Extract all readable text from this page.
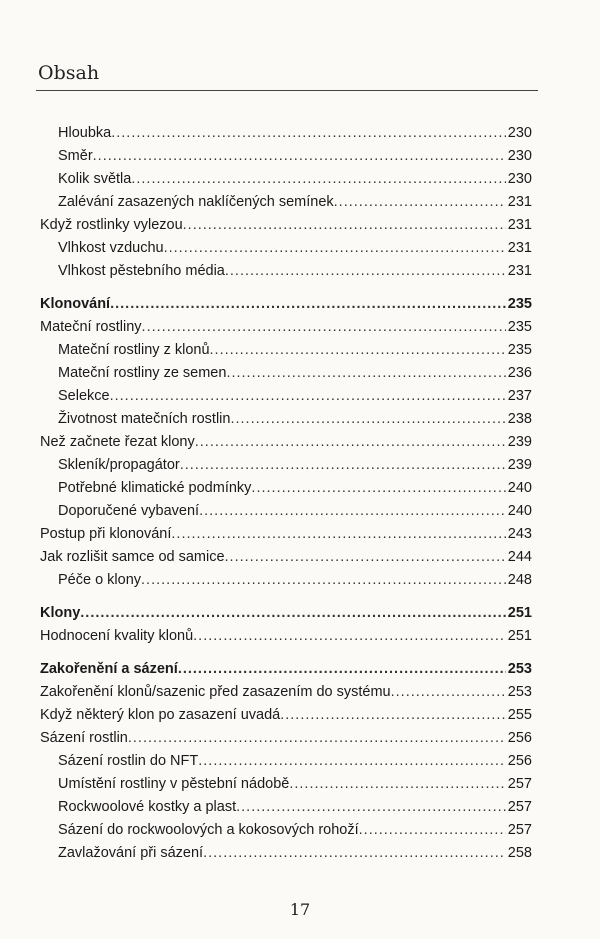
Obsah
Hloubka .....	230
Směr .....	230
Kolik světla .....	230
Zalévání zasazených naklíčených semínek .....	231
Když rostlinky vylezou .....	231
Vlhkost vzduchu .....	231
Vlhkost pěstebního média .....	231
Klonování .....	235
Mateční rostliny .....	235
Mateční rostliny z klonů .....	235
Mateční rostliny ze semen .....	236
Selekce .....	237
Životnost matečních rostlin .....	238
Než začnete řezat klony .....	239
Skleník/propagátor .....	239
Potřebné klimatické podmínky .....	240
Doporučené vybavení .....	240
Postup při klonování .....	243
Jak rozlišit samce od samice .....	244
Péče o klony .....	248
Klony .....	251
Hodnocení kvality klonů .....	251
Zakořenění a sázení .....	253
Zakořenění klonů/sazenic před zasazením do systému .....	253
Když některý klon po zasazení uvadá .....	255
Sázení rostlin .....	256
Sázení rostlin do NFT .....	256
Umístění rostliny v pěstební nádobě .....	257
Rockwoolové kostky a plast .....	257
Sázení do rockwoolových a kokosových rohoží .....	257
Zavlažování při sázení .....	258
17
